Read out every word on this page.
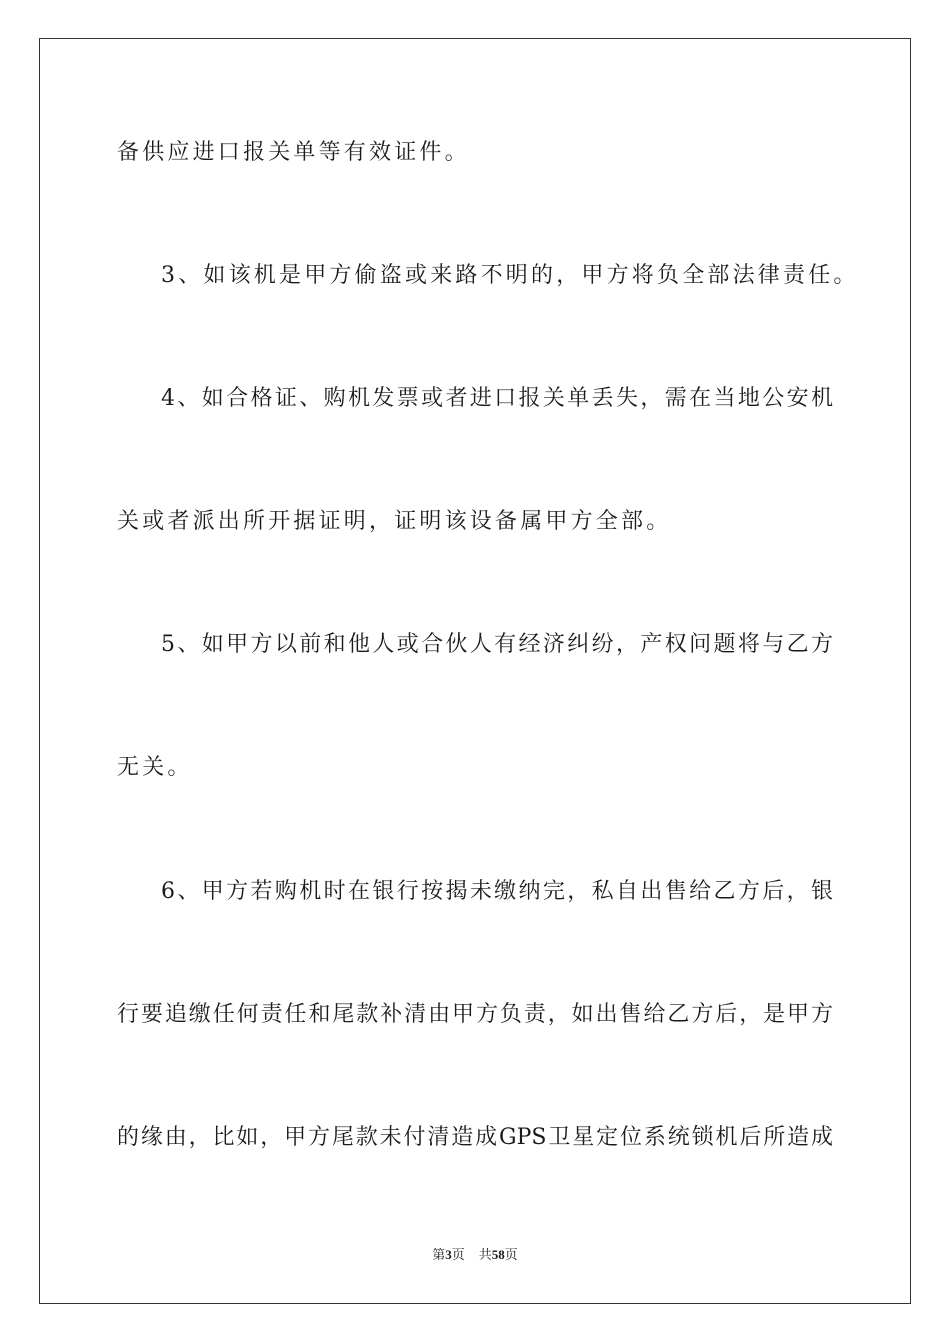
备供应进口报关单等有效证件。
3、如该机是甲方偷盗或来路不明的，甲方将负全部法律责任。
4、如合格证、购机发票或者进口报关单丢失，需在当地公安机
关或者派出所开据证明，证明该设备属甲方全部。
5、如甲方以前和他人或合伙人有经济纠纷，产权问题将与乙方
无关。
6、甲方若购机时在银行按揭未缴纳完，私自出售给乙方后，银
行要追缴任何责任和尾款补清由甲方负责，如出售给乙方后，是甲方
的缘由，比如，甲方尾款未付清造成GPS卫星定位系统锁机后所造成
第3页 共58页
